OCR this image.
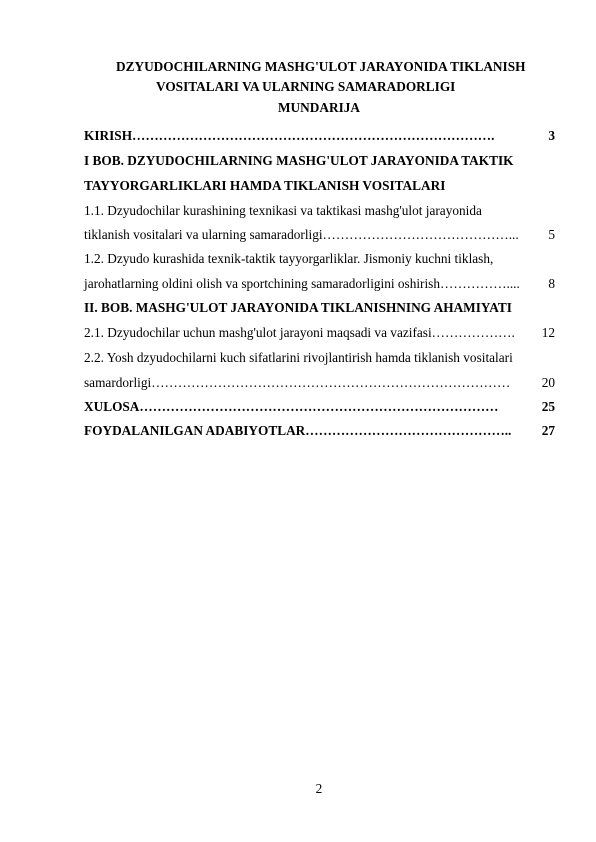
DZYUDOCHILARNING MASHG'ULOT JARAYONIDA TIKLANISH
VOSITALARI VA ULARNING SAMARADORLIGI
MUNDARIJA
KIRISH ……………………………………………………………………….	3
I BOB. DZYUDOCHILARNING MASHG'ULOT JARAYONIDA TAKTIK
TAYYORGARLIKLARI HAMDA TIKLANISH VOSITALARI
1.1. Dzyudochilar kurashining texnikasi va taktikasi mashg'ulot jarayonida
tiklanish vositalari va ularning samaradorligi ……………………………………...	5
1.2. Dzyudo kurashida texnik-taktik tayyorgarliklar. Jismoniy kuchni tiklash,
jarohatlarning oldini olish va sportchining samaradorligini oshirish ……………....	8
II. BOB. MASHG'ULOT JARAYONIDA TIKLANISHNING AHAMIYATI
2.1. Dzyudochilar uchun mashg'ulot jarayoni maqsadi va vazifasi ……………….	12
2.2. Yosh dzyudochilarni kuch sifatlarini rivojlantirish hamda tiklanish vositalari
samardorligi ………………………………………………………………………	20
XULOSA ………………………………………………………………………	25
FOYDALANILGAN ADABIYOTLAR ………………………………………..	27
2
